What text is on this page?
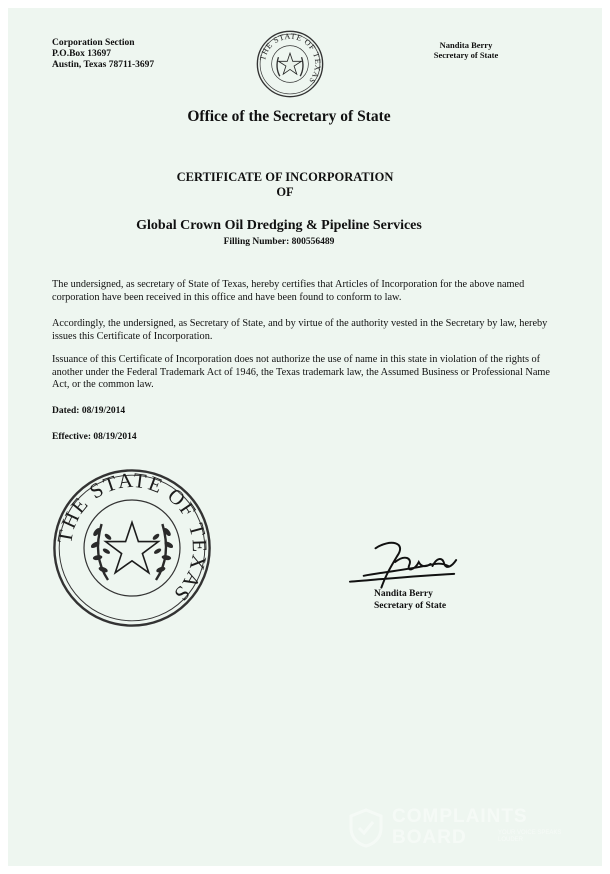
Corporation Section
P.O.Box 13697
Austin, Texas 78711-3697
THE STATE OF TEXAS
Nandita Berry
Secretary of State
Office of the Secretary of State
CERTIFICATE OF INCORPORATION
OF
Global Crown Oil Dredging & Pipeline Services
Filling Number: 800556489
The undersigned, as secretary of State of Texas, hereby certifies that Articles of Incorporation for the above named corporation have been received in this office and have been found to conform to law.
Accordingly, the undersigned, as Secretary of State, and by virtue of the authority vested in the Secretary by law, hereby issues this Certificate of Incorporation.
Issuance of this Certificate of Incorporation does not authorize the use of name in this state in violation of the rights of another under the Federal Trademark Act of 1946, the Texas trademark law, the Assumed Business or Professional Name Act, or the common law.
Dated: 08/19/2014
Effective: 08/19/2014
THE STATE OF TEXAS	Nandita Berry
Secretary of State
COMPLAINTS
BOARD	YOUR VOICE SPEAKS LOUDER
